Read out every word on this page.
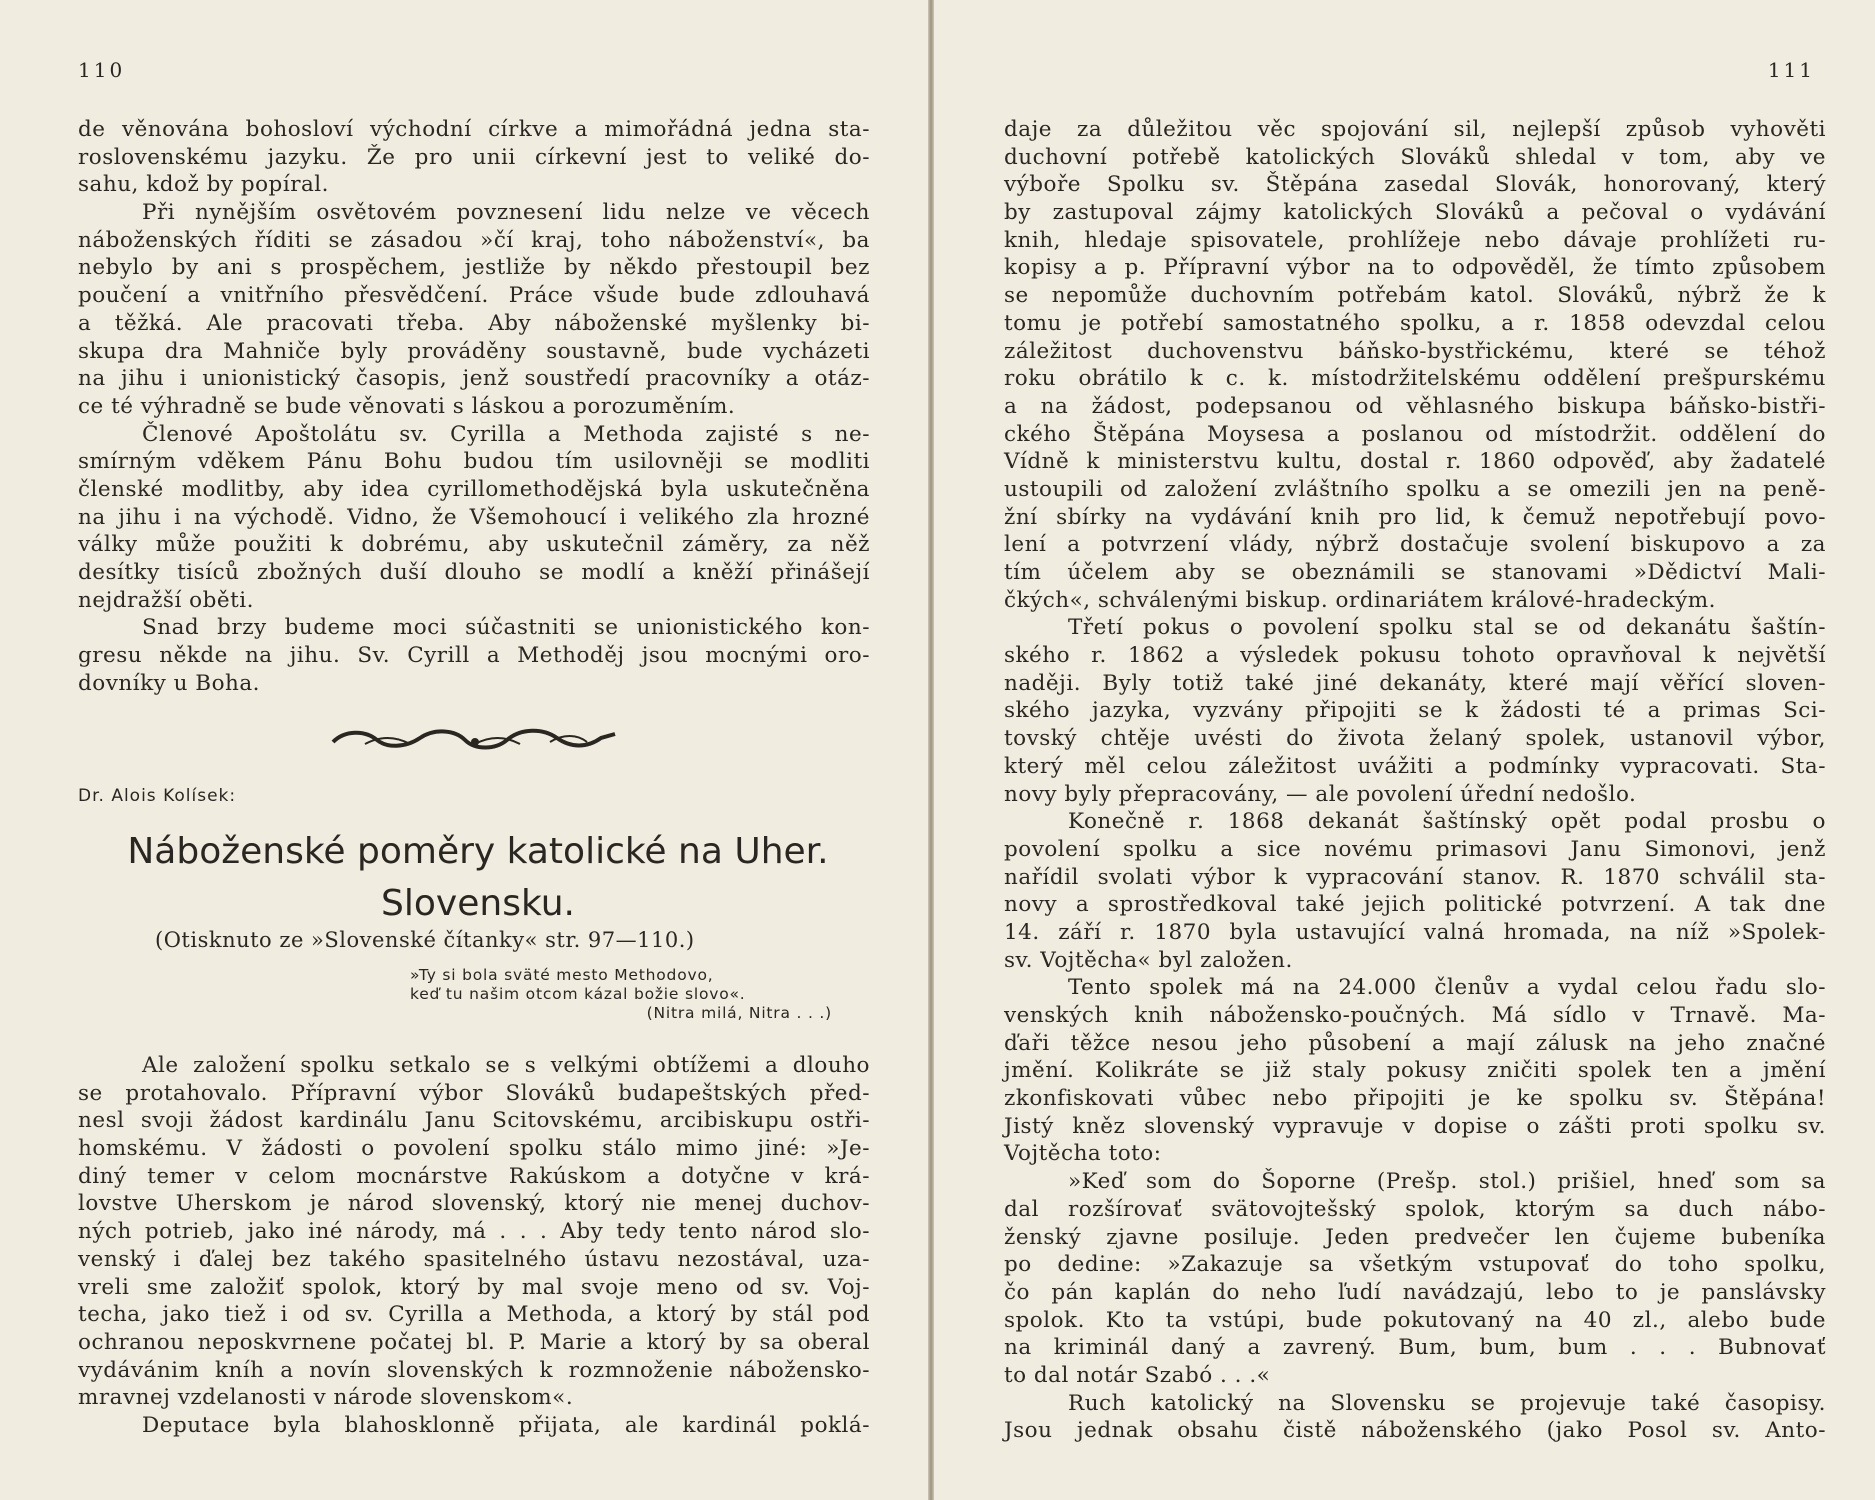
110
de věnována bohosloví východní církve a mimořádná jedna sta-
roslovenskému jazyku. Že pro unii církevní jest to veliké do-
sahu, kdož by popíral.
Při nynějším osvětovém povznesení lidu nelze ve věcech
náboženských říditi se zásadou »čí kraj, toho náboženství«, ba
nebylo by ani s prospěchem, jestliže by někdo přestoupil bez
poučení a vnitřního přesvědčení. Práce všude bude zdlouhavá
a těžká. Ale pracovati třeba. Aby náboženské myšlenky bi-
skupa dra Mahniče byly prováděny soustavně, bude vycházeti
na jihu i unionistický časopis, jenž soustředí pracovníky a otáz-
ce té výhradně se bude věnovati s láskou a porozuměním.
Členové Apoštolátu sv. Cyrilla a Methoda zajisté s ne-
smírným vděkem Pánu Bohu budou tím usilovněji se modliti
členské modlitby, aby idea cyrillomethodějská byla uskutečněna
na jihu i na východě. Vidno, že Všemohoucí i velikého zla hrozné
války může použiti k dobrému, aby uskutečnil záměry, za něž
desítky tisíců zbožných duší dlouho se modlí a kněží přinášejí
nejdražší oběti.
Snad brzy budeme moci súčastniti se unionistického kon-
gresu někde na jihu. Sv. Cyrill a Methoděj jsou mocnými oro-
dovníky u Boha.
Dr. Alois Kolísek:
Náboženské poměry katolické na Uher.
Slovensku.
(Otisknuto ze »Slovenské čítanky« str. 97—110.)
»Ty si bola sväté mesto Methodovo,
keď tu našim otcom kázal božie slovo«.
(Nitra milá, Nitra . . .)
Ale založení spolku setkalo se s velkými obtížemi a dlouho
se protahovalo. Přípravní výbor Slováků budapeštských před-
nesl svoji žádost kardinálu Janu Scitovskému, arcibiskupu ostři-
homskému. V žádosti o povolení spolku stálo mimo jiné: »Je-
diný temer v celom mocnárstve Rakúskom a dotyčne v krá-
lovstve Uherskom je národ slovenský, ktorý nie menej duchov-
ných potrieb, jako iné národy, má . . . Aby tedy tento národ slo-
venský i ďalej bez takého spasitelného ústavu nezostával, uza-
vreli sme založiť spolok, ktorý by mal svoje meno od sv. Voj-
techa, jako tiež i od sv. Cyrilla a Methoda, a ktorý by stál pod
ochranou neposkvrnene počatej bl. P. Marie a ktorý by sa oberal
vydávánim kníh a novín slovenských k rozmnoženie nábožensko-
mravnej vzdelanosti v národe slovenskom«.
Deputace byla blahosklonně přijata, ale kardinál poklá-
111
daje za důležitou věc spojování sil, nejlepší způsob vyhověti
duchovní potřebě katolických Slováků shledal v tom, aby ve
výboře Spolku sv. Štěpána zasedal Slovák, honorovaný, který
by zastupoval zájmy katolických Slováků a pečoval o vydávání
knih, hledaje spisovatele, prohlížeje nebo dávaje prohlížeti ru-
kopisy a p. Přípravní výbor na to odpověděl, že tímto způsobem
se nepomůže duchovním potřebám katol. Slováků, nýbrž že k
tomu je potřebí samostatného spolku, a r. 1858 odevzdal celou
záležitost duchovenstvu báňsko-bystřickému, které se téhož
roku obrátilo k c. k. místodržitelskému oddělení prešpurskému
a na žádost, podepsanou od věhlasného biskupa báňsko-bistři-
ckého Štěpána Moysesa a poslanou od místodržit. oddělení do
Vídně k ministerstvu kultu, dostal r. 1860 odpověď, aby žadatelé
ustoupili od založení zvláštního spolku a se omezili jen na peně-
žní sbírky na vydávání knih pro lid, k čemuž nepotřebují povo-
lení a potvrzení vlády, nýbrž dostačuje svolení biskupovo a za
tím účelem aby se obeznámili se stanovami »Dědictví Mali-
čkých«, schválenými biskup. ordinariátem králové-hradeckým.
Třetí pokus o povolení spolku stal se od dekanátu šaštín-
ského r. 1862 a výsledek pokusu tohoto opravňoval k největší
naději. Byly totiž také jiné dekanáty, které mají věřící sloven-
ského jazyka, vyzvány připojiti se k žádosti té a primas Sci-
tovský chtěje uvésti do života želaný spolek, ustanovil výbor,
který měl celou záležitost uvážiti a podmínky vypracovati. Sta-
novy byly přepracovány, — ale povolení úřední nedošlo.
Konečně r. 1868 dekanát šaštínský opět podal prosbu o
povolení spolku a sice novému primasovi Janu Simonovi, jenž
nařídil svolati výbor k vypracování stanov. R. 1870 schválil sta-
novy a sprostředkoval také jejich politické potvrzení. A tak dne
14. září r. 1870 byla ustavující valná hromada, na níž »Spolek-
sv. Vojtěcha« byl založen.
Tento spolek má na 24.000 členův a vydal celou řadu slo-
venských knih nábožensko-poučných. Má sídlo v Trnavě. Ma-
ďaři těžce nesou jeho působení a mají zálusk na jeho značné
jmění. Kolikráte se již staly pokusy zničiti spolek ten a jmění
zkonfiskovati vůbec nebo připojiti je ke spolku sv. Štěpána!
Jistý kněz slovenský vypravuje v dopise o zášti proti spolku sv.
Vojtěcha toto:
»Keď som do Šoporne (Prešp. stol.) prišiel, hneď som sa
dal rozšírovať svätovojtešský spolok, ktorým sa duch nábo-
ženský zjavne posiluje. Jeden predvečer len čujeme bubeníka
po dedine: »Zakazuje sa všetkým vstupovať do toho spolku,
čo pán kaplán do neho ľudí navádzajú, lebo to je panslávsky
spolok. Kto ta vstúpi, bude pokutovaný na 40 zl., alebo bude
na kriminál daný a zavrený. Bum, bum, bum . . . Bubnovať
to dal notár Szabó . . .«
Ruch katolický na Slovensku se projevuje také časopisy.
Jsou jednak obsahu čistě náboženského (jako Posol sv. Anto-
